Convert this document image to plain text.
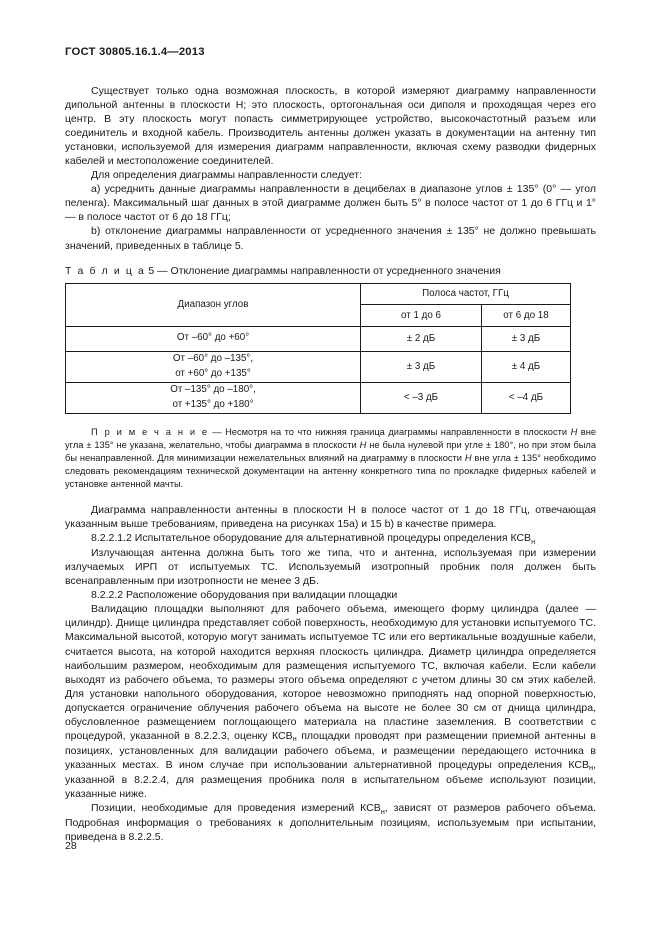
ГОСТ 30805.16.1.4—2013

Существует только одна возможная плоскость, в которой измеряют диаграмму направленности дипольной антенны в плоскости H; это плоскость, ортогональная оси диполя и проходящая через его центр. В эту плоскость могут попасть симметрирующее устройство, высокочастотный разъем или соединитель и входной кабель. Производитель антенны должен указать в документации на антенну тип установки, используемой для измерения диаграмм направленности, включая схему разводки фидерных кабелей и местоположение соединителей.

Для определения диаграммы направленности следует:

а) усреднить данные диаграммы направленности в децибелах в диапазоне углов ± 135° (0° — угол пеленга). Максимальный шаг данных в этой диаграмме должен быть 5° в полосе частот от 1 до 6 ГГц и 1° — в полосе частот от 6 до 18 ГГц;

b) отклонение диаграммы направленности от усредненного значения ± 135° не должно превышать значений, приведенных в таблице 5.

Т а б л и ц а 5 — Отклонение диаграммы направленности от усредненного значения

Диапазон углов	Полоса частот, ГГц	
	от 1 до 6	от 6 до 18

От –60° до +60°	± 2 дБ	± 3 дБ

От –60° до –135°,
от +60° до +135°	± 3 дБ	± 4 дБ

От –135° до –180°,
от +135° до +180°	< –3 дБ	< –4 дБ

П р и м е ч а н и е — Несмотря на то что нижняя граница диаграммы направленности в плоскости H вне угла ± 135° не указана, желательно, чтобы диаграмма в плоскости H не была нулевой при угле ± 180°, но при этом была бы ненаправленной. Для минимизации нежелательных влияний на диаграмму в плоскости H вне угла ± 135° необходимо следовать рекомендациям технической документации на антенну конкретного типа по прокладке фидерных кабелей и установке антенной мачты.

Диаграмма направленности антенны в плоскости H в полосе частот от 1 до 18 ГГц, отвечающая указанным выше требованиям, приведена на рисунках 15a) и 15 b) в качестве примера.

8.2.2.1.2 Испытательное оборудование для альтернативной процедуры определения $КСВ_н$

Излучающая антенна должна быть того же типа, что и антенна, используемая при измерении излучаемых ИРП от испытуемых ТС. Используемый изотропный пробник поля должен быть всенаправленным при изотропности не менее 3 дБ.

8.2.2.2 Расположение оборудования при валидации площадки

Валидацию площадки выполняют для рабочего объема, имеющего форму цилиндра (далее — цилиндр). Днище цилиндра представляет собой поверхность, необходимую для установки испытуемого ТС. Максимальной высотой, которую могут занимать испытуемое ТС или его вертикальные воздушные кабели, считается высота, на которой находится верхняя плоскость цилиндра. Диаметр цилиндра определяется наибольшим размером, необходимым для размещения испытуемого ТС, включая кабели. Если кабели выходят из рабочего объема, то размеры этого объема определяют с учетом длины 30 см этих кабелей. Для установки напольного оборудования, которое невозможно приподнять над опорной поверхностью, допускается ограничение облучения рабочего объема на высоте не более 30 см от днища цилиндра, обусловленное размещением поглощающего материала на пластине заземления. В соответствии с процедурой, указанной в 8.2.2.3, оценку $КСВ_н$ площадки проводят при размещении приемной антенны в позициях, установленных для валидации рабочего объема, и размещении передающего источника в указанных местах. В ином случае при использовании альтернативной процедуры определения $КСВ_н$, указанной в 8.2.2.4, для размещения пробника поля в испытательном объеме используют позиции, указанные ниже.

Позиции, необходимые для проведения измерений $КСВ_н$, зависят от размеров рабочего объема. Подробная информация о требованиях к дополнительным позициям, используемым при испытании, приведена в 8.2.2.5.

28
